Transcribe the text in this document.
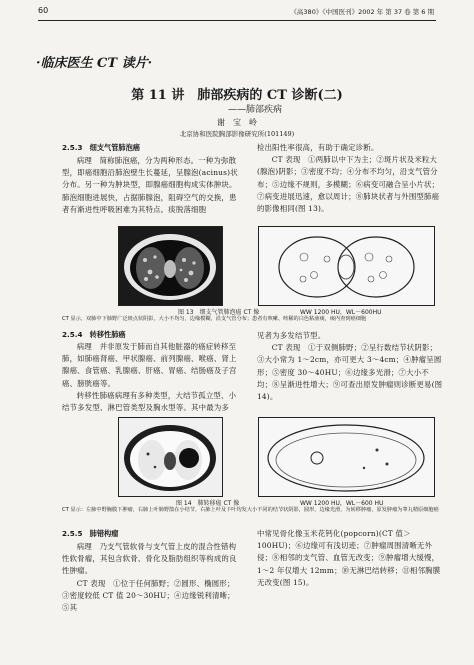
60	《高380》《中国医刊》2002 年 第 37 卷 第 6 期
·临床医生 CT 读片·
第 11 讲　肺部疾病的 CT 诊断(二)
——肺部疾病
谢　宝　岭
北京协和医院胸部影像研究所(101149)
2.5.3　细支气管肺泡癌

病理　简称肺泡癌，分为两种形态。一种为弥散型，即癌细胞沿肺泡壁生长蔓延，呈腺泡(acinus)状分布。另一种为肿块型，即腺癌细胞构成实体肿块。肺泡细胞进展快，占据肺腺泡，阻碍空气的交换，患者有渐进性呼吸困难为其特点。痰脱落细胞

检出阳性率很高，有助于确定诊断。

CT 表现　①两肺以中下为主；②斑片状及米粒大(腺泡)阴影；③密度不均；④分布不均匀，沿支气管分布；⑤边缘不规则，多模糊；⑥病变可融合呈小片状；⑦病变进展迅速，愈以周计；⑧肺块状者与外围型肺癌的影像相同(图 13)。

图 13　细支气管肺泡癌 CT 像	WW 1200 HU，WL－600HU
CT 显示，双肺中下肺野广泛斑点状阴影，大小不均匀，边缘模糊，沿支气管分布；患者有咳嗽、咳稀的白色粘液痰，痰内查到癌细胞
2.5.4　转移性肺癌

病理　并非原发于肺而自其他脏器的癌症转移至肺，如肺癌肾癌、甲状腺癌、前列腺癌、喉癌、肾上腺癌、食管癌、乳腺癌、肝癌、胃癌、结肠癌及子宫癌、膀胱癌等。

转移性肺癌病理有多种类型，大结节孤立型、小结节多发型、淋巴管类型及胸水型等。其中最为多

见者为多发结节型。

CT 表现　①于双侧肺野；②呈行数结节状阴影；③大小常为 1～2cm，亦可更大 3～4cm；④肿瘤呈圆形；⑤密度 30～40HU；⑥边缘多光滑；⑦大小不均；⑧呈渐进性增大；⑨可查出原发肿瘤则诊断更易(图 14)。

图 14　肺转移癌 CT 像	WW 1200 HU，WL－600 HU
CT 显示：左肺中野胸膜下肿瘤，右肺上叶肺野散在小结节，右肺上叶及下叶均发大小不同的结节状阴影，圆形，边缘光滑，为转移肿瘤，原发肿瘤为睾丸精原细胞癌
2.5.5　肺错构瘤

病理　乃支气管软骨与支气管上皮的混合性错构性软骨瘤，其包含软骨、骨化及脂肪组织等构成的良性肿瘤。

CT 表现　①位于任何肺野；②圆形、椭圆形；③密度较低 CT 值 20～30HU；④边缘锐利清晰；⑤其

中常见骨化像玉米花钙化(popcorn)(CT 值＞100HU)；⑥边缘可有浅切迹；⑦肿瘤周围清晰无外侵；⑧相邻的支气管、血管无改变；⑨肿瘤增大缓慢，1～2 年仅增大 12mm；⑩无淋巴结转移；⑪相邻胸膜无改变(图 15)。
